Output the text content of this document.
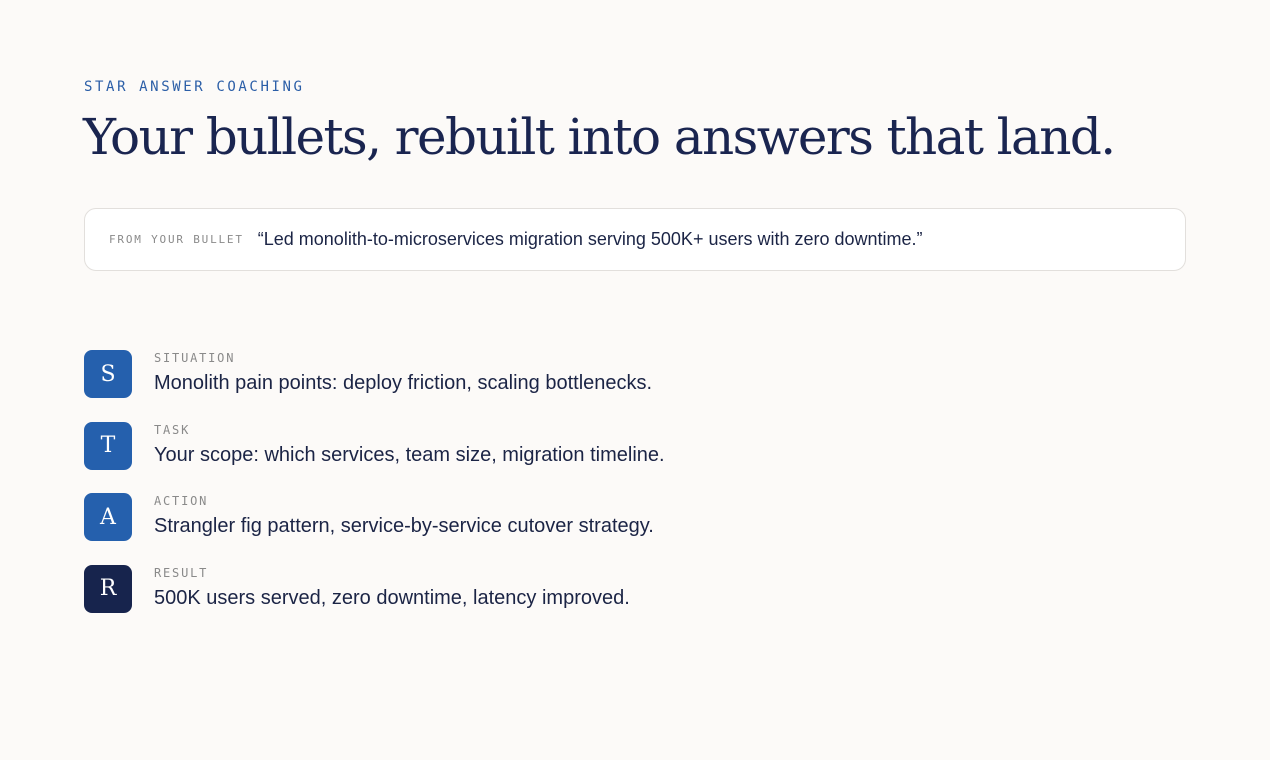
STAR ANSWER COACHING
Your bullets, rebuilt into answers that land.
FROM YOUR BULLET “Led monolith-to-microservices migration serving 500K+ users with zero downtime.”
S
SITUATION
Monolith pain points: deploy friction, scaling bottlenecks.
T
TASK
Your scope: which services, team size, migration timeline.
A
ACTION
Strangler fig pattern, service-by-service cutover strategy.
R
RESULT
500K users served, zero downtime, latency improved.
